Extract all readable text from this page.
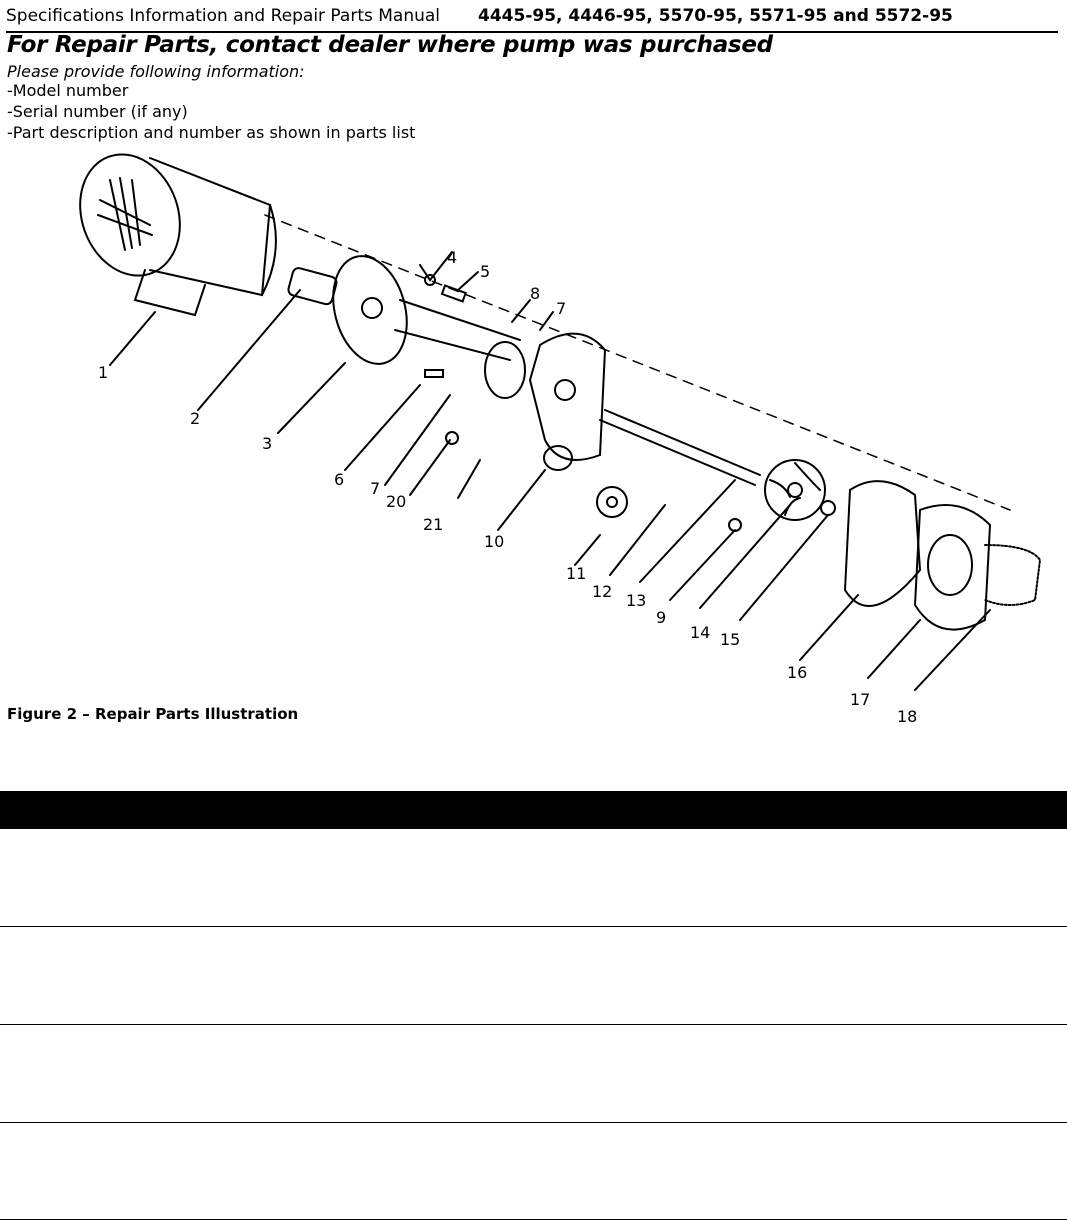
Specifications Information and Repair Parts Manual 4445-95, 4446-95, 5570-95, 5571-95 and 5572-95
For Repair Parts, contact dealer where pump was purchased
Please provide following information:
-Model number
-Serial number (if any)
-Part description and number as shown in parts list
1
2
3
4
5
6 7
8
7
20
21
10
11
12 13
9
14 15
16
17
18
Figure 2 – Repair Parts Illustration
